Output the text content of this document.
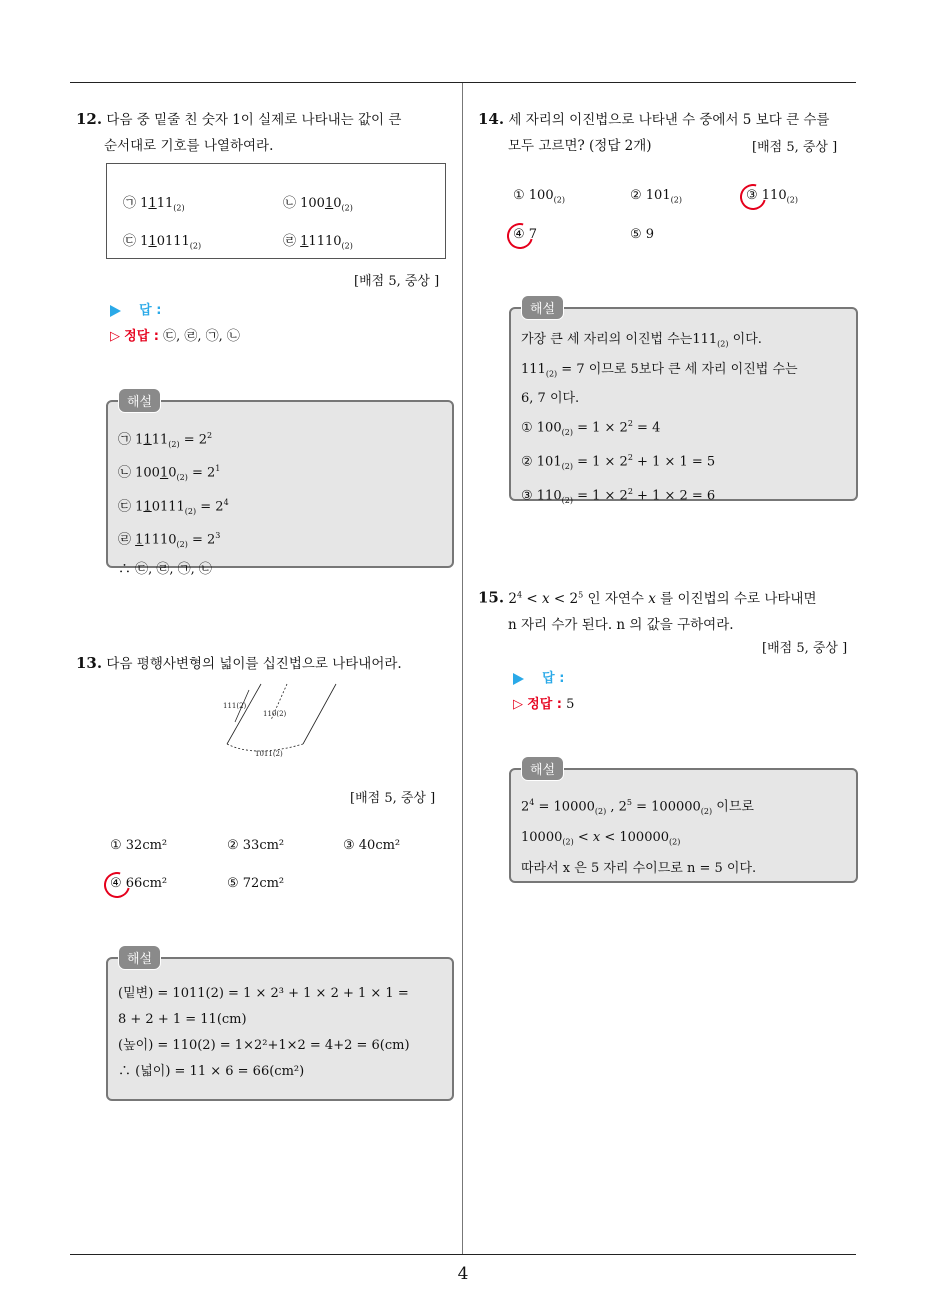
4
12. 다음 중 밑줄 친 숫자 1이 실제로 나타내는 값이 큰
순서대로 기호를 나열하여라.
㉠ $1111_{(2)}$	㉡ $10010_{(2)}$
㉢ $110111_{(2)}$	㉣ $11110_{(2)}$
[배점 5, 중상 ]
답 :
▷ 정답 : ㉢, ㉣, ㉠, ㉡
해설
㉠ $1111_{(2)} = 2^2$
㉡ $10010_{(2)} = 2^1$
㉢ $110111_{(2)} = 2^4$
㉣ $11110_{(2)} = 2^3$
∴ ㉢, ㉣, ㉠, ㉡
13. 다음 평행사변형의 넓이를 십진법으로 나타내어라.
111(2)
110(2)
1011(2)
[배점 5, 중상 ]
① 32cm²	② 33cm²	③ 40cm²
④ 66cm²	⑤ 72cm²
해설
(밑변) = 1011(2) = 1 × 2³ + 1 × 2 + 1 × 1 =
8 + 2 + 1 = 11(cm)
(높이) = 110(2) = 1×2²+1×2 = 4+2 = 6(cm)
∴ (넓이) = 11 × 6 = 66(cm²)
14. 세 자리의 이진법으로 나타낸 수 중에서 5 보다 큰 수를
모두 고르면? (정답 2개)	[배점 5, 중상 ]
① $100_{(2)}$	② $101_{(2)}$	③ $110_{(2)}$
④ 7	⑤ 9
해설
가장 큰 세 자리의 이진법 수는$111_{(2)}$ 이다.
$111_{(2)} = 7$ 이므로 5보다 큰 세 자리 이진법 수는
6, 7 이다.
① $100_{(2)} = 1 \times 2^2 = 4$
② $101_{(2)} = 1 \times 2^2 + 1 \times 1 = 5$
③ $110_{(2)} = 1 \times 2^2 + 1 \times 2 = 6$
15. $2^4 < x < 2^5$ 인 자연수 x 를 이진법의 수로 나타내면
n 자리 수가 된다. n 의 값을 구하여라.
[배점 5, 중상 ]
답 :
▷ 정답 : 5
해설
$2^4 = 10000_{(2)}$ , $2^5 = 100000_{(2)}$ 이므로
$10000_{(2)} < x < 100000_{(2)}$
따라서 x 은 5 자리 수이므로 n = 5 이다.
